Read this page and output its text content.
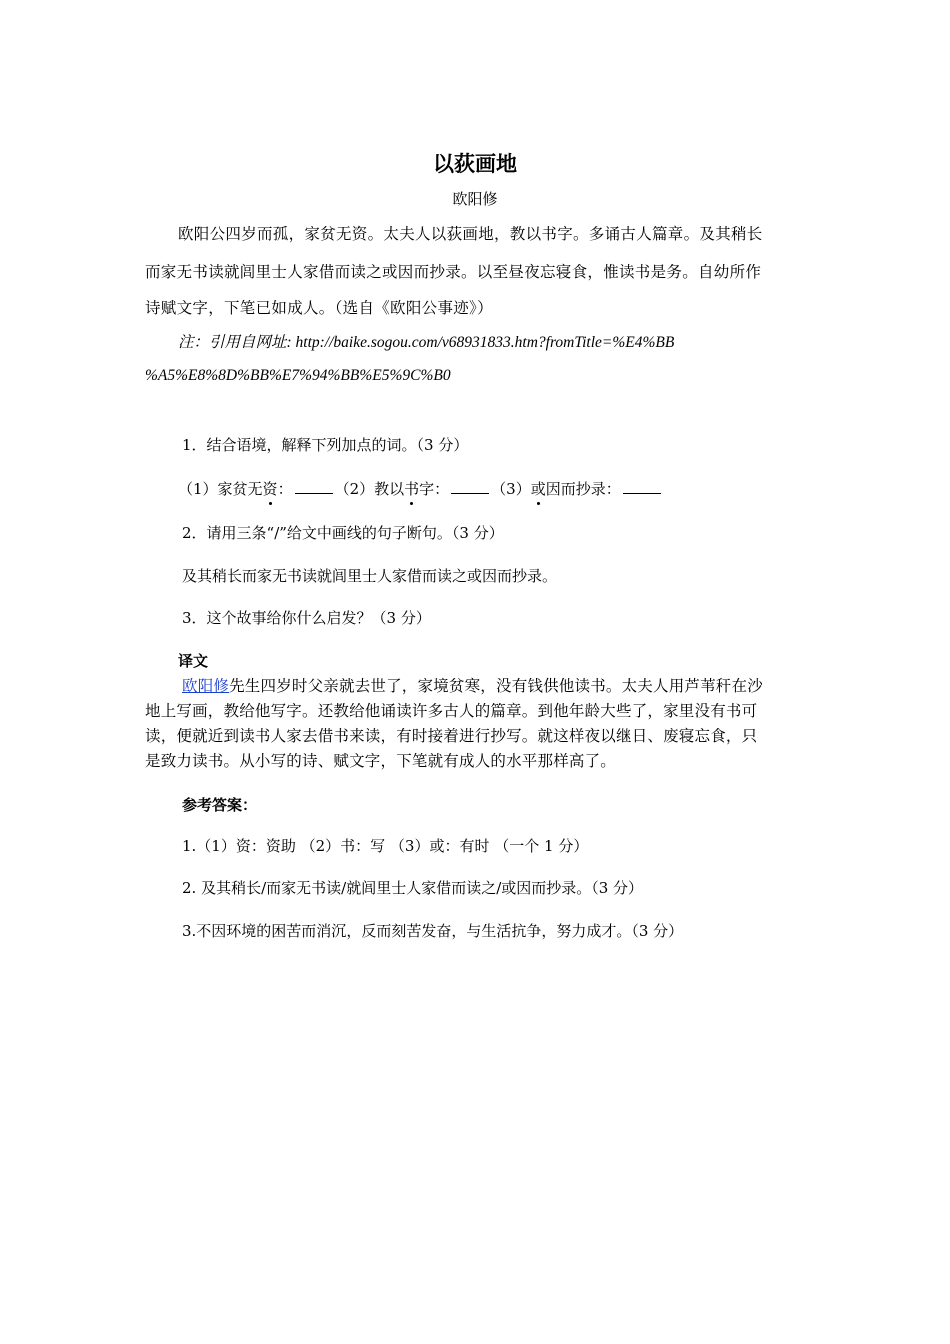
以荻画地
欧阳修
欧阳公四岁而孤，家贫无资。太夫人以荻画地，教以书字。多诵古人篇章。及其稍长
而家无书读就闾里士人家借而读之或因而抄录。以至昼夜忘寝食，惟读书是务。自幼所作
诗赋文字，下笔已如成人。（选自《欧阳公事迹》）
注：引用自网址: http://baike.sogou.com/v68931833.htm?fromTitle=%E4%BB
%A5%E8%8D%BB%E7%94%BB%E5%9C%B0
1．结合语境，解释下列加点的词。（3 分）
（1）家贫无资：	（2）教以书字：	（3）或因而抄录：
2．请用三条“/”给文中画线的句子断句。（3 分）
及其稍长而家无书读就闾里士人家借而读之或因而抄录。
3．这个故事给你什么启发？（3 分）
译文
欧阳修先生四岁时父亲就去世了，家境贫寒，没有钱供他读书。太夫人用芦苇秆在沙
地上写画，教给他写字。还教给他诵读许多古人的篇章。到他年龄大些了，家里没有书可
读，便就近到读书人家去借书来读，有时接着进行抄写。就这样夜以继日、废寝忘食，只
是致力读书。从小写的诗、赋文字，下笔就有成人的水平那样高了。
参考答案：
1.（1）资：资助 （2）书：写 （3）或：有时 （一个 1 分）
2. 及其稍长/而家无书读/就闾里士人家借而读之/或因而抄录。（3 分）
3.不因环境的困苦而消沉，反而刻苦发奋，与生活抗争，努力成才。（3 分）
